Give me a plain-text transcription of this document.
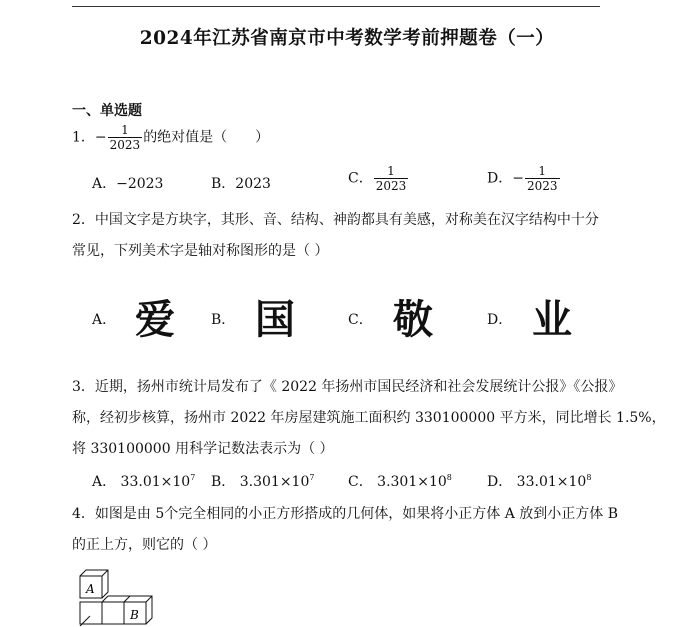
2024年江苏省南京市中考数学考前押题卷（一）
一、单选题
1．− $\frac{1}{2023}$ 的绝对值是（　　）
A．−2023	B．2023	C． $\frac{1}{2023}$	D．− $\frac{1}{2023}$
2．中国文字是方块字，其形、音、结构、神韵都具有美感，对称美在汉字结构中十分
常见，下列美术字是轴对称图形的是（ ）
A． 爱	B． 国	C． 敬	D． 业
3．近期，扬州市统计局发布了《 2022 年扬州市国民经济和社会发展统计公报》《公报》
称，经初步核算，扬州市 2022 年房屋建筑施工面积约 330100000 平方米，同比增长 1.5%，
将 330100000 用科学记数法表示为（ ）
A． $33.01\times 10^7$ B． $3.301\times 10^7$ C． $3.301\times 10^8$	D． $33.01\times 10^8$
4．如图是由 5个完全相同的小正方形搭成的几何体，如果将小正方体 A 放到小正方体 B
的正上方，则它的（ ）
A
B
